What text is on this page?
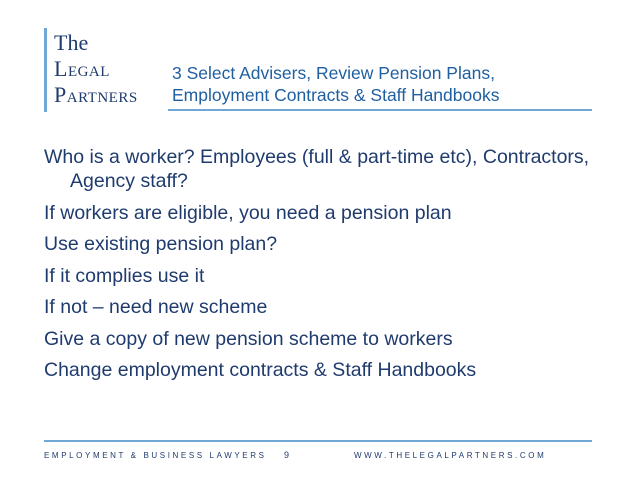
The
Legal
Partners
3 Select Advisers, Review Pension Plans,
Employment Contracts & Staff Handbooks
Who is a worker? Employees (full & part-time etc), Contractors, Agency staff?
If workers are eligible, you need a pension plan
Use existing pension plan?
If it complies use it
If not – need new scheme
Give a copy of new pension scheme to workers
Change employment contracts & Staff Handbooks
EMPLOYMENT & BUSINESS LAWYERS 9	WWW.THELEGALPARTNERS.COM
